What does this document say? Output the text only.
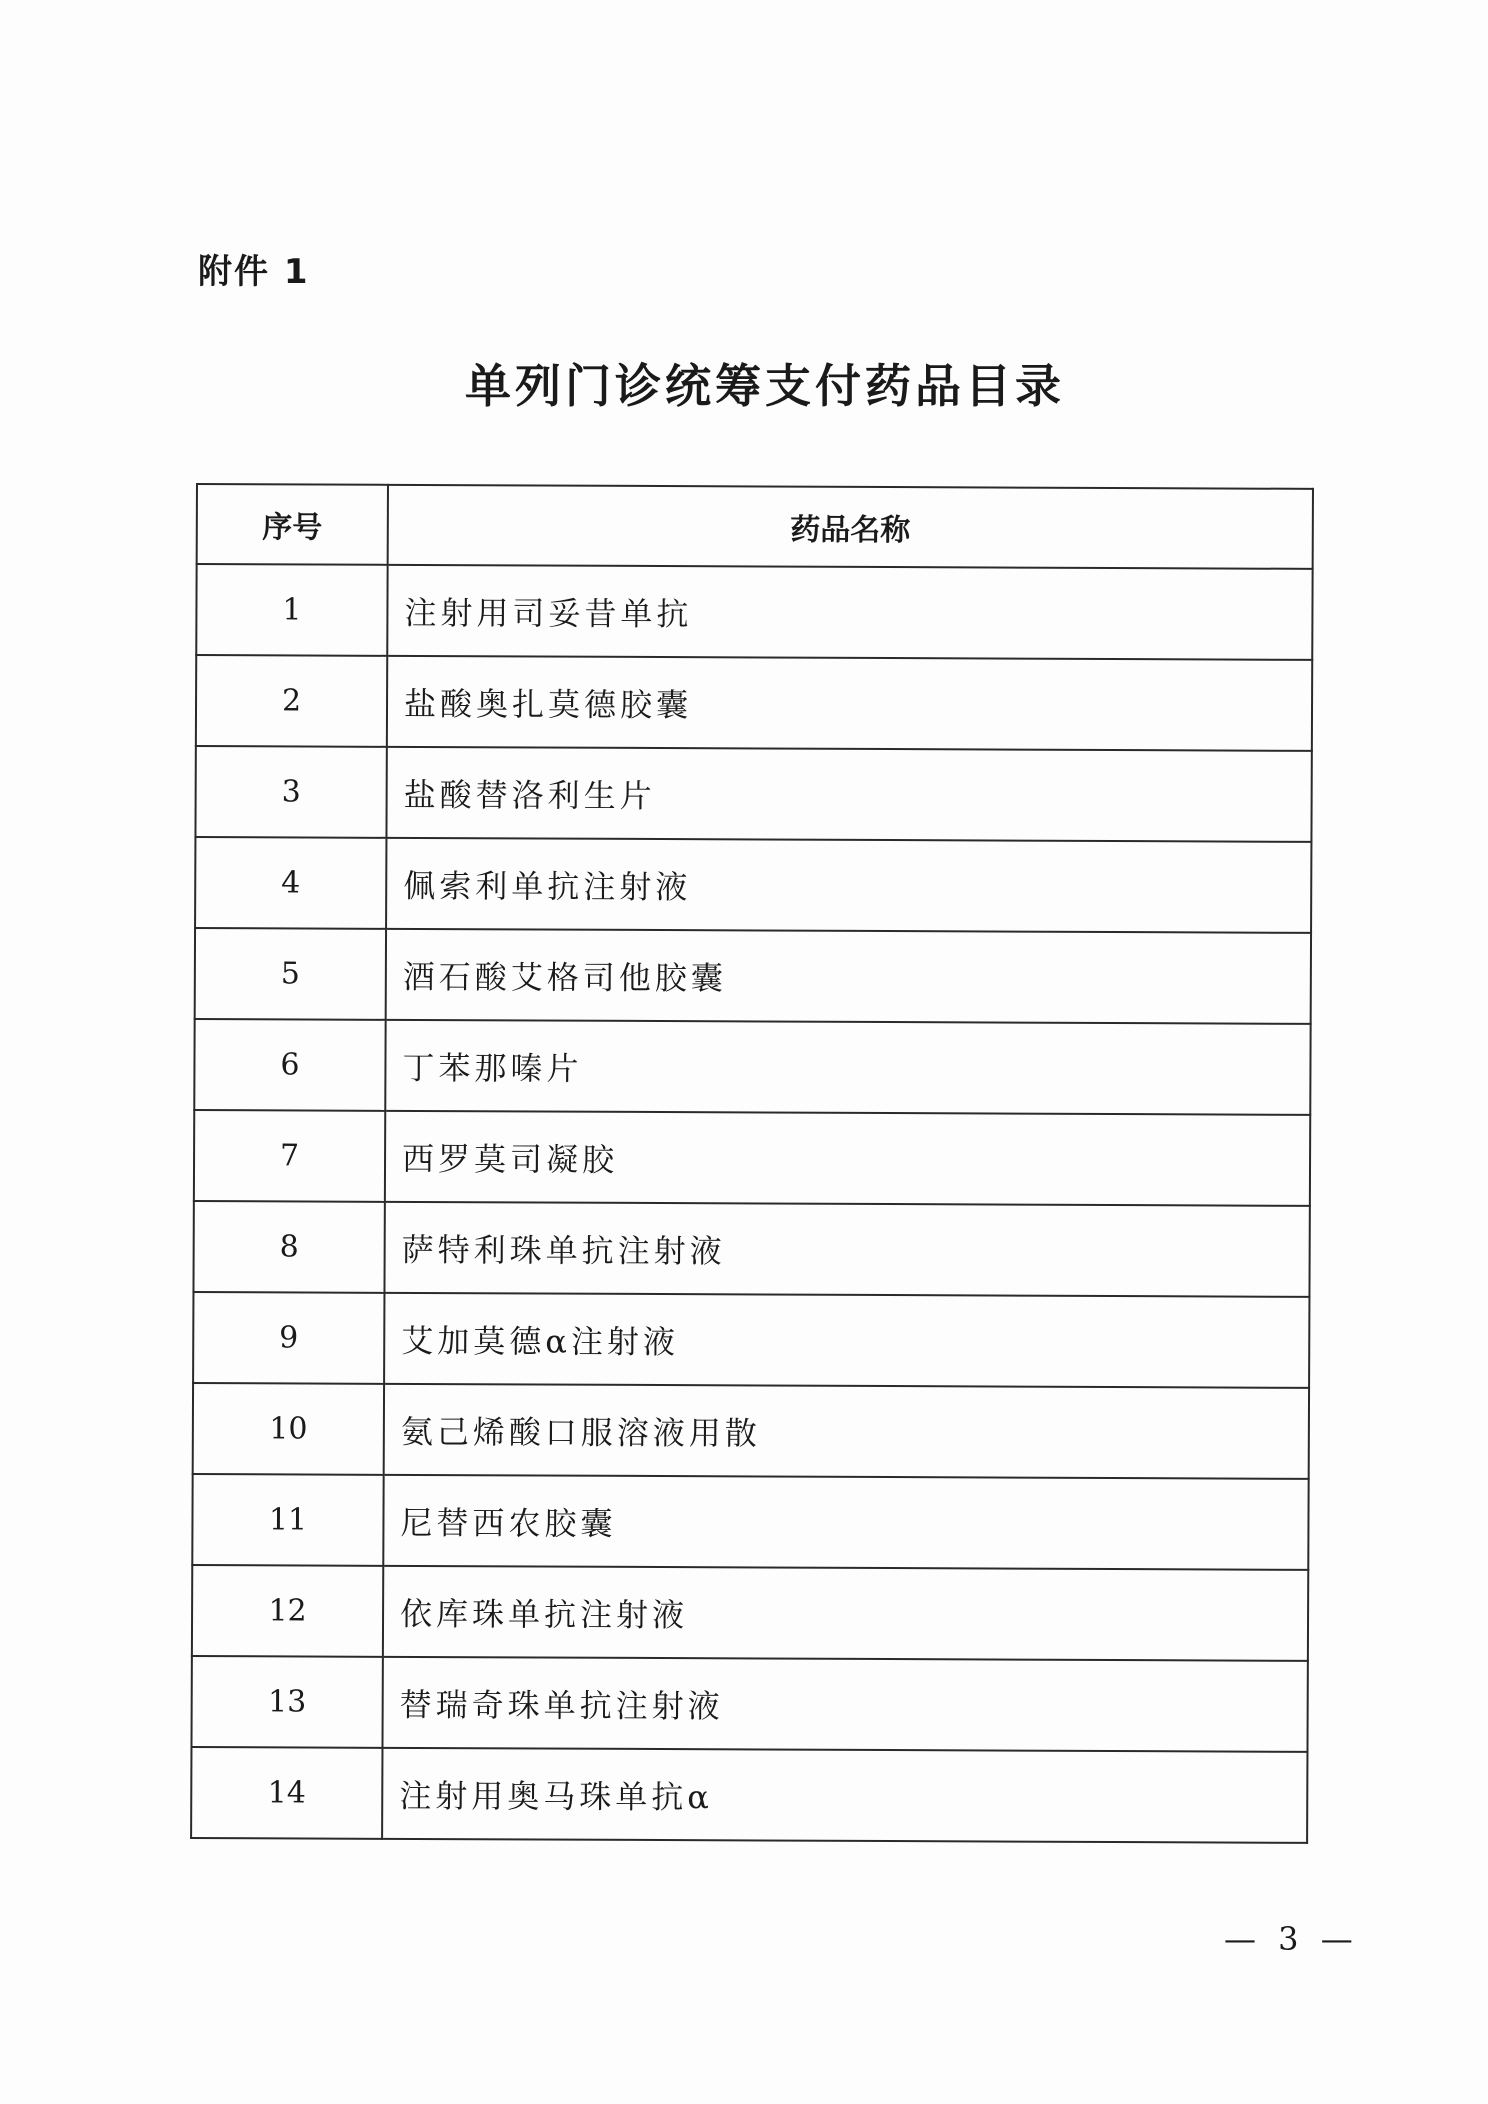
附件 1
单列门诊统筹支付药品目录
序号	药品名称
1	注射用司妥昔单抗
2	盐酸奥扎莫德胶囊
3	盐酸替洛利生片
4	佩索利单抗注射液
5	酒石酸艾格司他胶囊
6	丁苯那嗪片
7	西罗莫司凝胶
8	萨特利珠单抗注射液
9	艾加莫德α注射液
10	氨己烯酸口服溶液用散
11	尼替西农胶囊
12	依库珠单抗注射液
13	替瑞奇珠单抗注射液
14	注射用奥马珠单抗α
— 3 —
